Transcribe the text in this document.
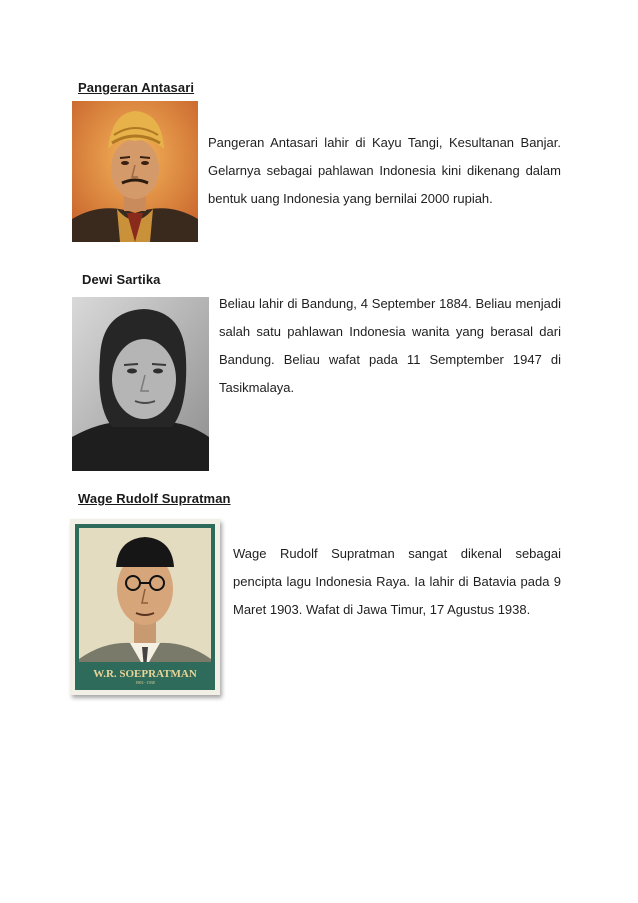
Pangeran Antasari
Pangeran Antasari lahir di Kayu Tangi, Kesultanan Banjar. Gelarnya sebagai pahlawan Indonesia kini dikenang dalam bentuk uang Indonesia yang bernilai 2000 rupiah.
Dewi Sartika
Beliau lahir di Bandung, 4 September 1884. Beliau menjadi salah satu pahlawan Indonesia wanita yang berasal dari Bandung. Beliau wafat pada 11 Semptember 1947 di Tasikmalaya.
Wage Rudolf Supratman
W.R. SOEPRATMAN
1903 - 1938
Wage Rudolf Supratman sangat dikenal sebagai pencipta lagu Indonesia Raya. Ia lahir di Batavia pada 9 Maret 1903. Wafat di Jawa Timur, 17 Agustus 1938.
